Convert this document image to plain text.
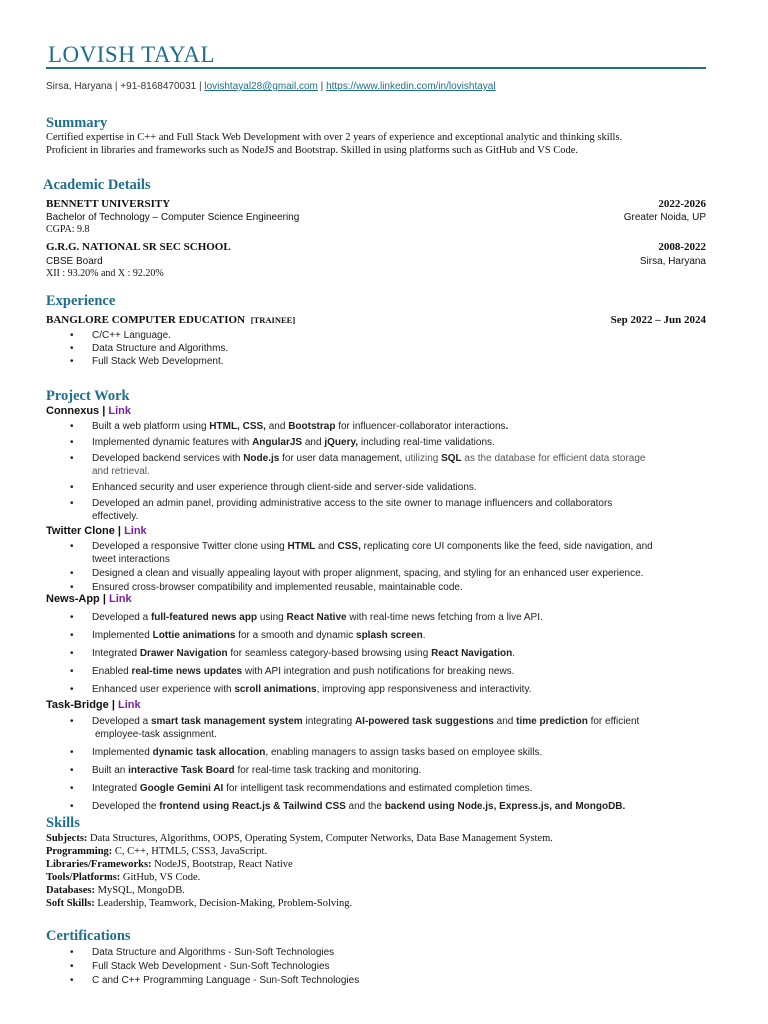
LOVISH TAYAL
Sirsa, Haryana | +91-8168470031 | lovishtayal28@gmail.com | https://www.linkedin.com/in/lovishtayal
Summary
Certified expertise in C++ and Full Stack Web Development with over 2 years of experience and exceptional analytic and thinking skills.
Proficient in libraries and frameworks such as NodeJS and Bootstrap. Skilled in using platforms such as GitHub and VS Code.
Academic Details
BENNETT UNIVERSITY	2022-2026
Bachelor of Technology – Computer Science Engineering	Greater Noida, UP
CGPA: 9.8
G.R.G. NATIONAL SR SEC SCHOOL	2008-2022
CBSE Board	Sirsa, Haryana
XII : 93.20% and X : 92.20%
Experience
BANGLORE COMPUTER EDUCATION [TRAINEE]	Sep 2022 – Jun 2024
• C/C++ Language.
• Data Structure and Algorithms.
• Full Stack Web Development.
Project Work
Connexus | Link
• Built a web platform using HTML, CSS, and Bootstrap for influencer-collaborator interactions.
• Implemented dynamic features with AngularJS and jQuery, including real-time validations.
• Developed backend services with Node.js for user data management, utilizing SQL as the database for efficient data storage
and retrieval.
• Enhanced security and user experience through client-side and server-side validations.
• Developed an admin panel, providing administrative access to the site owner to manage influencers and collaborators
effectively.
Twitter Clone | Link
• Developed a responsive Twitter clone using HTML and CSS, replicating core UI components like the feed, side navigation, and
tweet interactions
• Designed a clean and visually appealing layout with proper alignment, spacing, and styling for an enhanced user experience.
• Ensured cross-browser compatibility and implemented reusable, maintainable code.
News-App | Link
• Developed a full-featured news app using React Native with real-time news fetching from a live API.
• Implemented Lottie animations for a smooth and dynamic splash screen.
• Integrated Drawer Navigation for seamless category-based browsing using React Navigation.
• Enabled real-time news updates with API integration and push notifications for breaking news.
• Enhanced user experience with scroll animations, improving app responsiveness and interactivity.
Task-Bridge | Link
• Developed a smart task management system integrating AI-powered task suggestions and time prediction for efficient
employee-task assignment.
• Implemented dynamic task allocation, enabling managers to assign tasks based on employee skills.
• Built an interactive Task Board for real-time task tracking and monitoring.
• Integrated Google Gemini AI for intelligent task recommendations and estimated completion times.
• Developed the frontend using React.js & Tailwind CSS and the backend using Node.js, Express.js, and MongoDB.
Skills
Subjects: Data Structures, Algorithms, OOPS, Operating System, Computer Networks, Data Base Management System.
Programming: C, C++, HTML5, CSS3, JavaScript.
Libraries/Frameworks: NodeJS, Bootstrap, React Native
Tools/Platforms: GitHub, VS Code.
Databases: MySQL, MongoDB.
Soft Skills: Leadership, Teamwork, Decision-Making, Problem-Solving.
Certifications
• Data Structure and Algorithms - Sun-Soft Technologies
• Full Stack Web Development - Sun-Soft Technologies
• C and C++ Programming Language - Sun-Soft Technologies
